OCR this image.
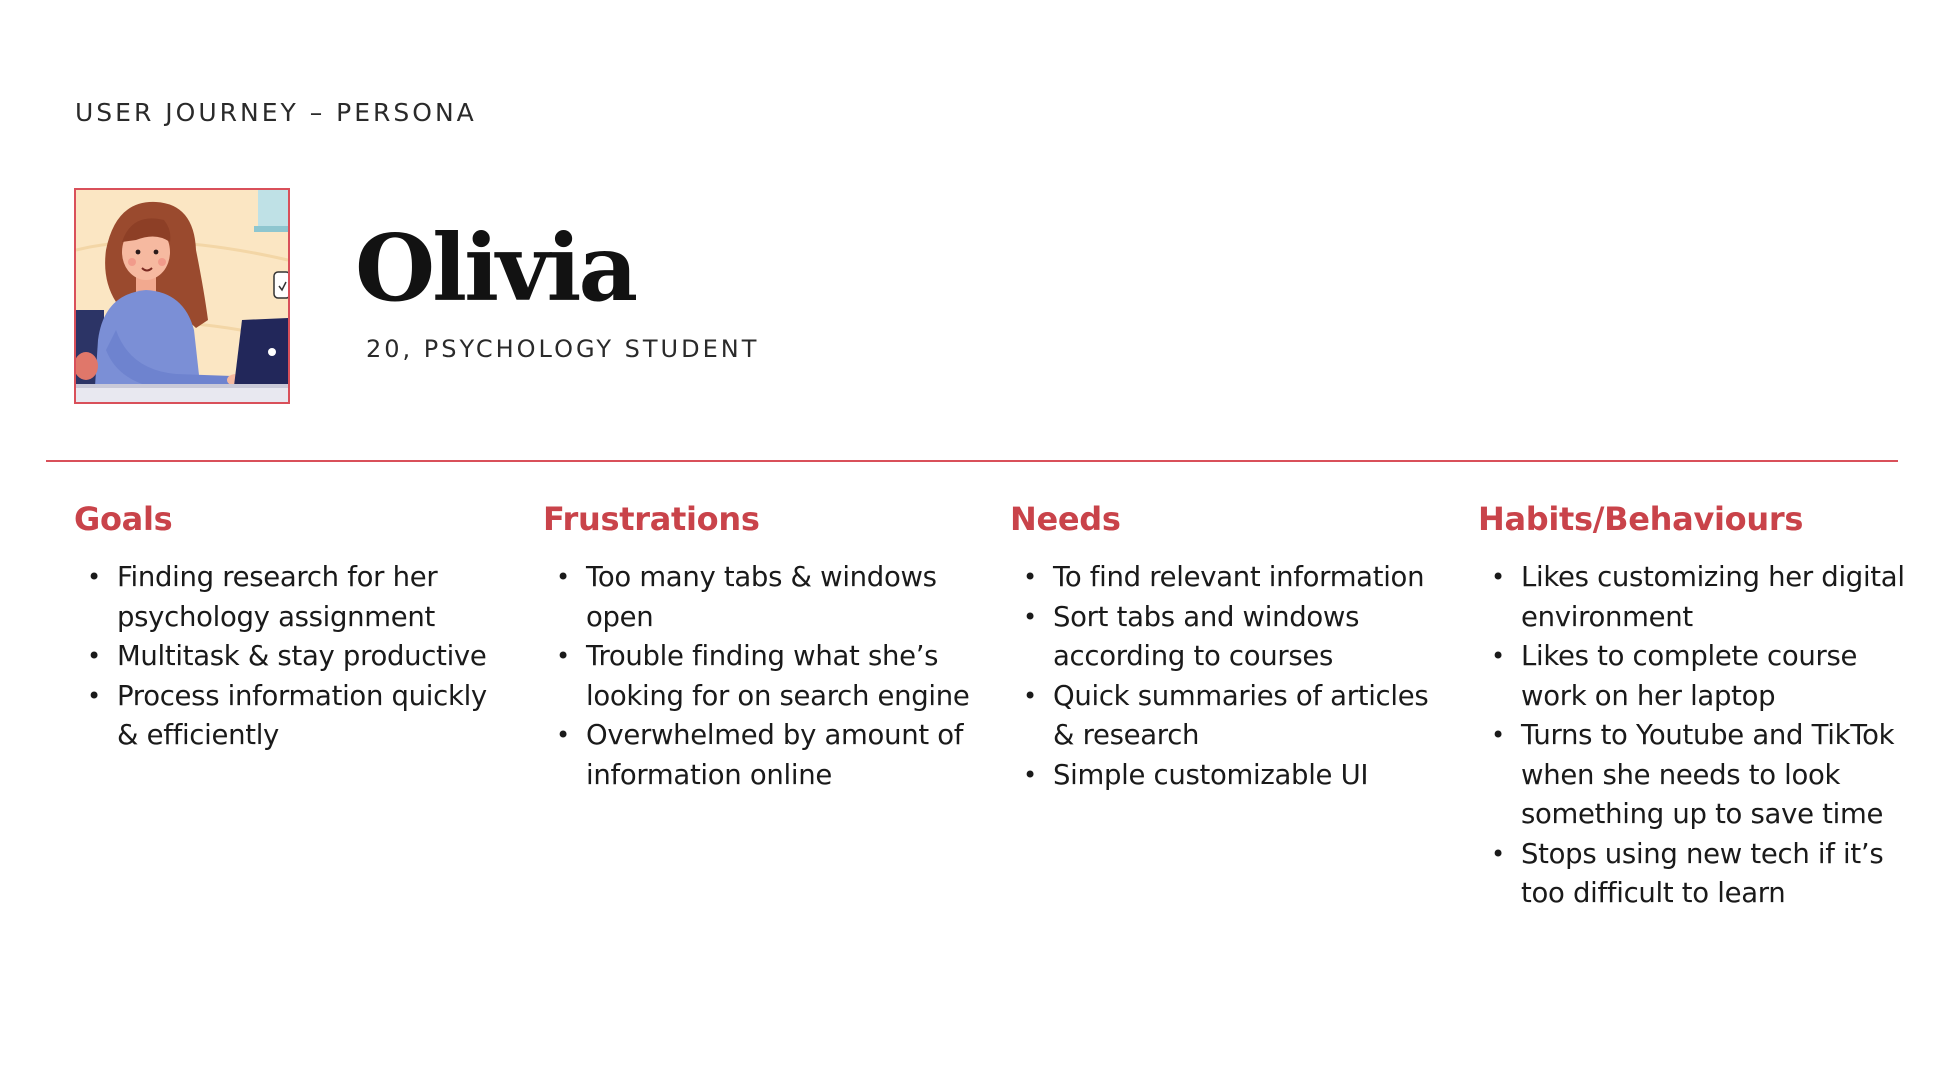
USER JOURNEY – PERSONA
Olivia
20, PSYCHOLOGY STUDENT
Goals
• Finding research for her psychology assignment
• Multitask & stay productive
• Process information quickly & efficiently
Frustrations
• Too many tabs & windows open
• Trouble finding what she’s looking for on search engine
• Overwhelmed by amount of information online
Needs
• To find relevant information
• Sort tabs and windows according to courses
• Quick summaries of articles & research
• Simple customizable UI
Habits/Behaviours
• Likes customizing her digital environment
• Likes to complete course work on her laptop
• Turns to Youtube and TikTok when she needs to look something up to save time
• Stops using new tech if it’s too difficult to learn
